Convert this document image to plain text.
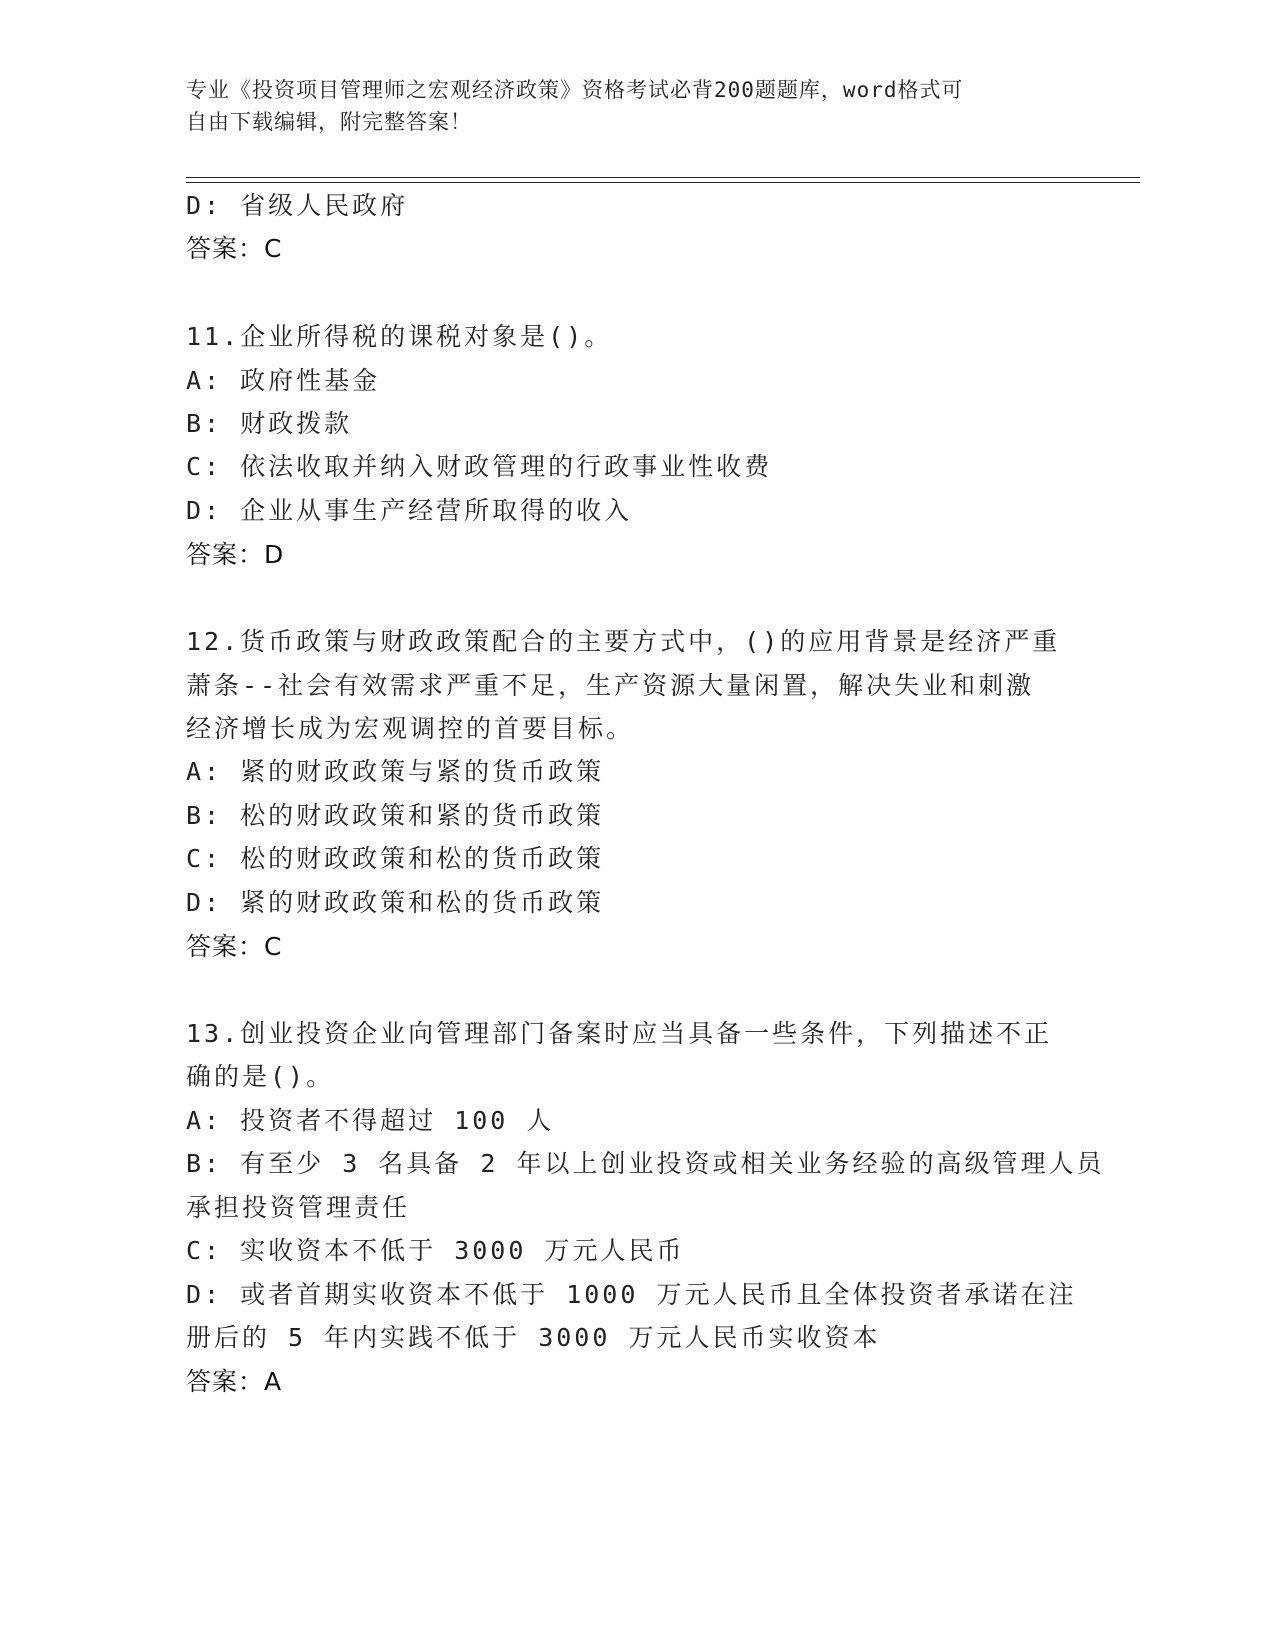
专业《投资项目管理师之宏观经济政策》资格考试必背200题题库，word格式可
自由下载编辑，附完整答案！
D: 省级人民政府
答案：C
11.企业所得税的课税对象是()。
A: 政府性基金
B: 财政拨款
C: 依法收取并纳入财政管理的行政事业性收费
D: 企业从事生产经营所取得的收入
答案：D
12.货币政策与财政政策配合的主要方式中，()的应用背景是经济严重
萧条--社会有效需求严重不足，生产资源大量闲置，解决失业和刺激
经济增长成为宏观调控的首要目标。
A: 紧的财政政策与紧的货币政策
B: 松的财政政策和紧的货币政策
C: 松的财政政策和松的货币政策
D: 紧的财政政策和松的货币政策
答案：C
13.创业投资企业向管理部门备案时应当具备一些条件，下列描述不正
确的是()。
A: 投资者不得超过 100 人
B: 有至少 3 名具备 2 年以上创业投资或相关业务经验的高级管理人员
承担投资管理责任
C: 实收资本不低于 3000 万元人民币
D: 或者首期实收资本不低于 1000 万元人民币且全体投资者承诺在注
册后的 5 年内实践不低于 3000 万元人民币实收资本
答案：A
